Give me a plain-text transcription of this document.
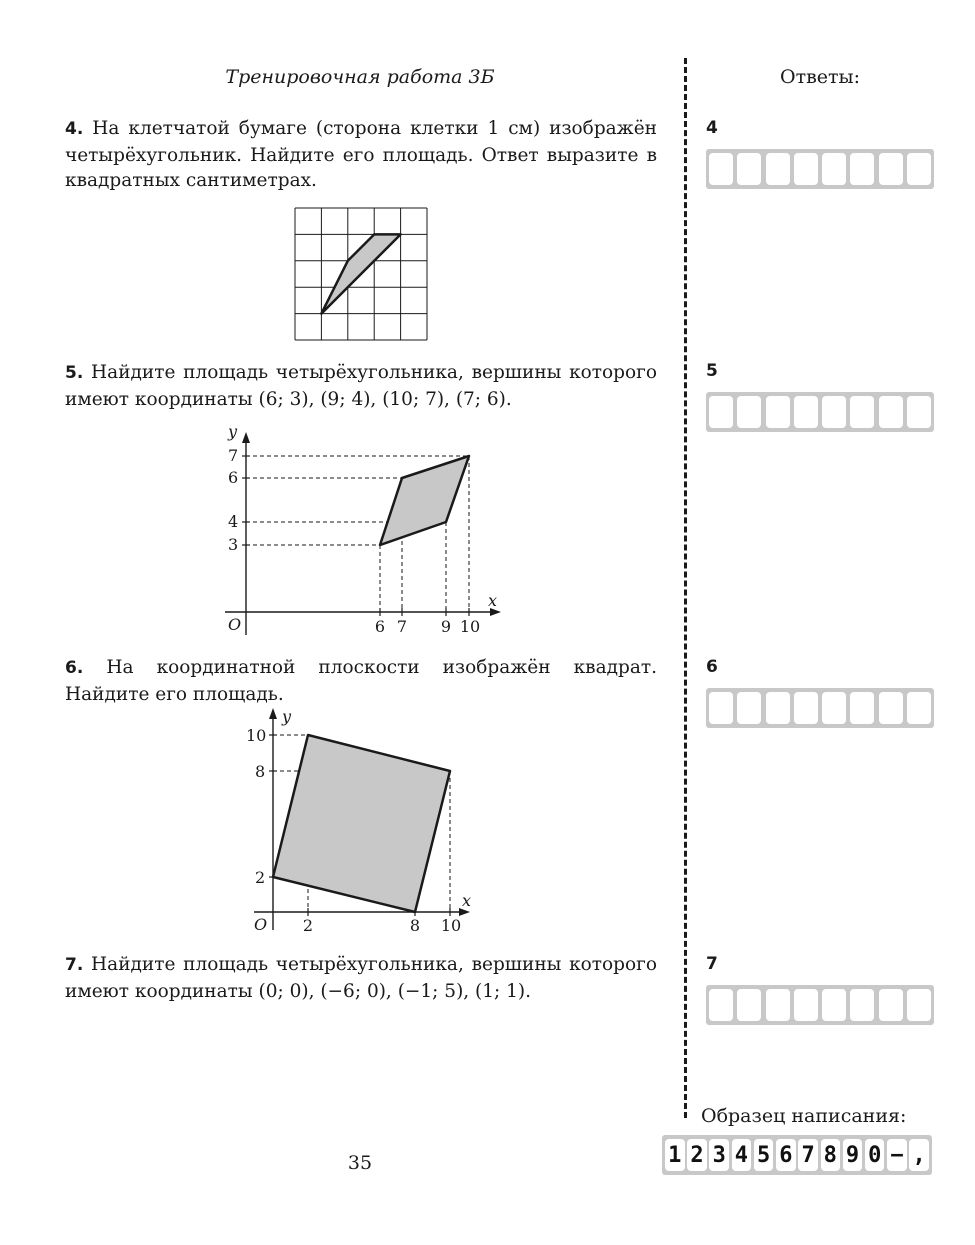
Тренировочная работа 3Б	Ответы:
4. На клетчатой бумаге (сторона клетки 1 см) изображён четырёхугольник. Найдите его площадь. Ответ выразите в квадратных сантиметрах.
5. Найдите площадь четырёхугольника, вершины которого имеют координаты (6; 3), (9; 4), (10; 7), (7; 6).
y
x
O
7
6
4
3
6 7 9 10
6. На координатной плоскости изображён квадрат. Найдите его площадь.
y
x
O
10
8
2
2	8 10
7. Найдите площадь четырёхугольника, вершины которого имеют координаты (0; 0), (−6; 0), (−1; 5), (1; 1).
4
5
6
7
Образец написания:
1 2 3 4 5 6 7 8 9 0 − ,
35
